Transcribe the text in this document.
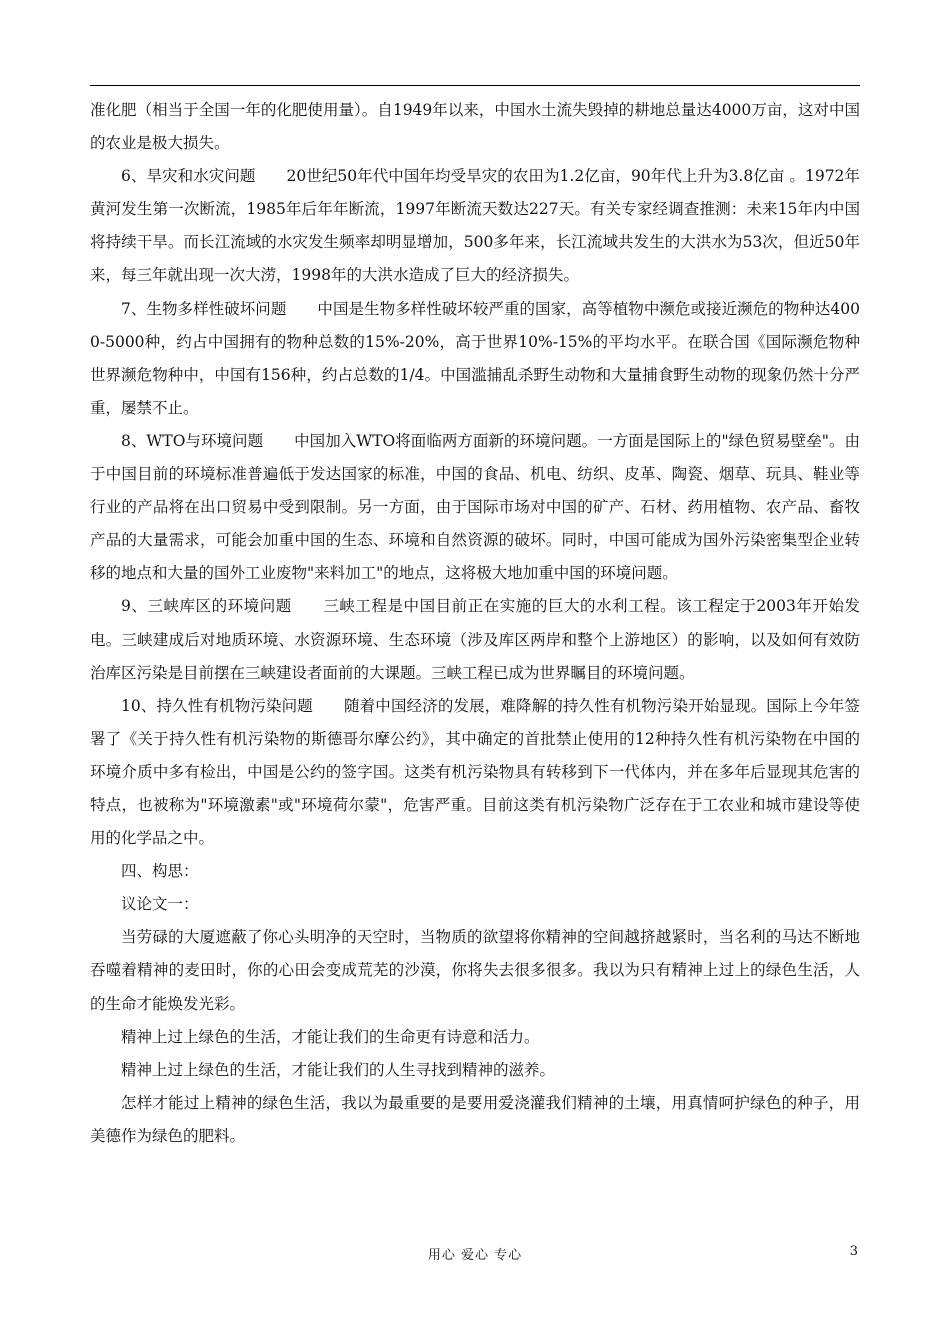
准化肥（相当于全国一年的化肥使用量）。自1949年以来，中国水土流失毁掉的耕地总量达4000万亩，这对中国的农业是极大损失。

6、旱灾和水灾问题 20世纪50年代中国年均受旱灾的农田为1.2亿亩，90年代上升为3.8亿亩 。1972年黄河发生第一次断流，1985年后年年断流，1997年断流天数达227天。有关专家经调查推测：未来15年内中国将持续干旱。而长江流域的水灾发生频率却明显增加，500多年来，长江流域共发生的大洪水为53次，但近50年来，每三年就出现一次大涝，1998年的大洪水造成了巨大的经济损失。

7、生物多样性破坏问题 中国是生物多样性破坏较严重的国家，高等植物中濒危或接近濒危的物种达4000-5000种，约占中国拥有的物种总数的15%-20%，高于世界10%-15%的平均水平。在联合国《国际濒危物种世界濒危物种中，中国有156种，约占总数的1/4。中国滥捕乱杀野生动物和大量捕食野生动物的现象仍然十分严重，屡禁不止。

8、WTO与环境问题 中国加入WTO将面临两方面新的环境问题。一方面是国际上的"绿色贸易壁垒"。由于中国目前的环境标准普遍低于发达国家的标准，中国的食品、机电、纺织、皮革、陶瓷、烟草、玩具、鞋业等行业的产品将在出口贸易中受到限制。另一方面，由于国际市场对中国的矿产、石材、药用植物、农产品、畜牧产品的大量需求，可能会加重中国的生态、环境和自然资源的破坏。同时，中国可能成为国外污染密集型企业转移的地点和大量的国外工业废物"来料加工"的地点，这将极大地加重中国的环境问题。

9、三峡库区的环境问题 三峡工程是中国目前正在实施的巨大的水利工程。该工程定于2003年开始发电。三峡建成后对地质环境、水资源环境、生态环境（涉及库区两岸和整个上游地区）的影响，以及如何有效防治库区污染是目前摆在三峡建设者面前的大课题。三峡工程已成为世界瞩目的环境问题。

10、持久性有机物污染问题 随着中国经济的发展，难降解的持久性有机物污染开始显现。国际上今年签署了《关于持久性有机污染物的斯德哥尔摩公约》，其中确定的首批禁止使用的12种持久性有机污染物在中国的环境介质中多有检出，中国是公约的签字国。这类有机污染物具有转移到下一代体内，并在多年后显现其危害的特点，也被称为"环境激素"或"环境荷尔蒙"，危害严重。目前这类有机污染物广泛存在于工农业和城市建设等使用的化学品之中。

四、构思：

议论文一：

当劳碌的大厦遮蔽了你心头明净的天空时，当物质的欲望将你精神的空间越挤越紧时，当名利的马达不断地吞噬着精神的麦田时，你的心田会变成荒芜的沙漠，你将失去很多很多。我以为只有精神上过上的绿色生活，人的生命才能焕发光彩。

精神上过上绿色的生活，才能让我们的生命更有诗意和活力。

精神上过上绿色的生活，才能让我们的人生寻找到精神的滋养。

怎样才能过上精神的绿色生活，我以为最重要的是要用爱浇灌我们精神的土壤，用真情呵护绿色的种子，用美德作为绿色的肥料。

用心 爱心 专心	3
